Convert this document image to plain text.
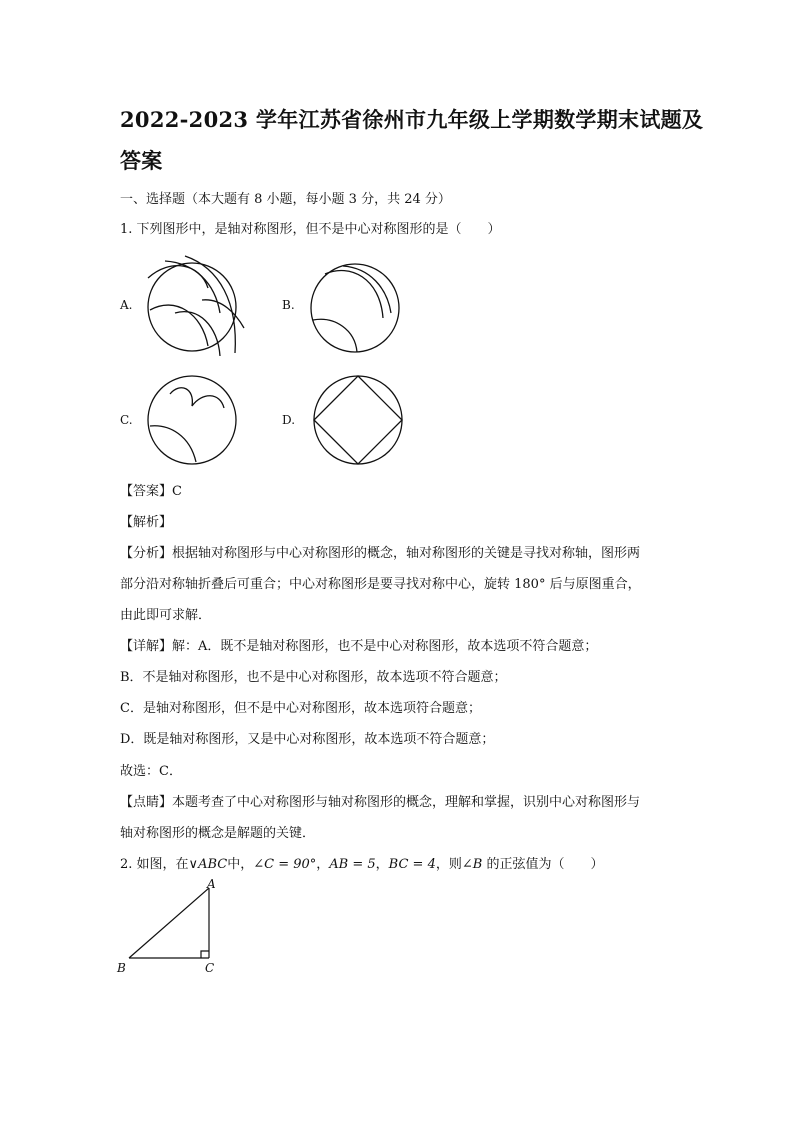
2022-2023 学年江苏省徐州市九年级上学期数学期末试题及
答案
一、选择题（本大题有 8 小题，每小题 3 分，共 24 分）
1. 下列图形中，是轴对称图形，但不是中心对称图形的是（　　）
A.	B.
C.	D.
【答案】C
【解析】
【分析】根据轴对称图形与中心对称图形的概念，轴对称图形的关键是寻找对称轴，图形两
部分沿对称轴折叠后可重合；中心对称图形是要寻找对称中心，旋转 180° 后与原图重合，
由此即可求解．
【详解】解：A．既不是轴对称图形，也不是中心对称图形，故本选项不符合题意；
B．不是轴对称图形，也不是中心对称图形，故本选项不符合题意；
C．是轴对称图形，但不是中心对称图形，故本选项符合题意；
D．既是轴对称图形，又是中心对称图形，故本选项不符合题意；
故选：C．
【点睛】本题考查了中心对称图形与轴对称图形的概念，理解和掌握，识别中心对称图形与
轴对称图形的概念是解题的关键．
2. 如图，在∨ABC中，∠C = 90°，AB = 5，BC = 4，则∠B 的正弦值为（　　）
A
B	C
